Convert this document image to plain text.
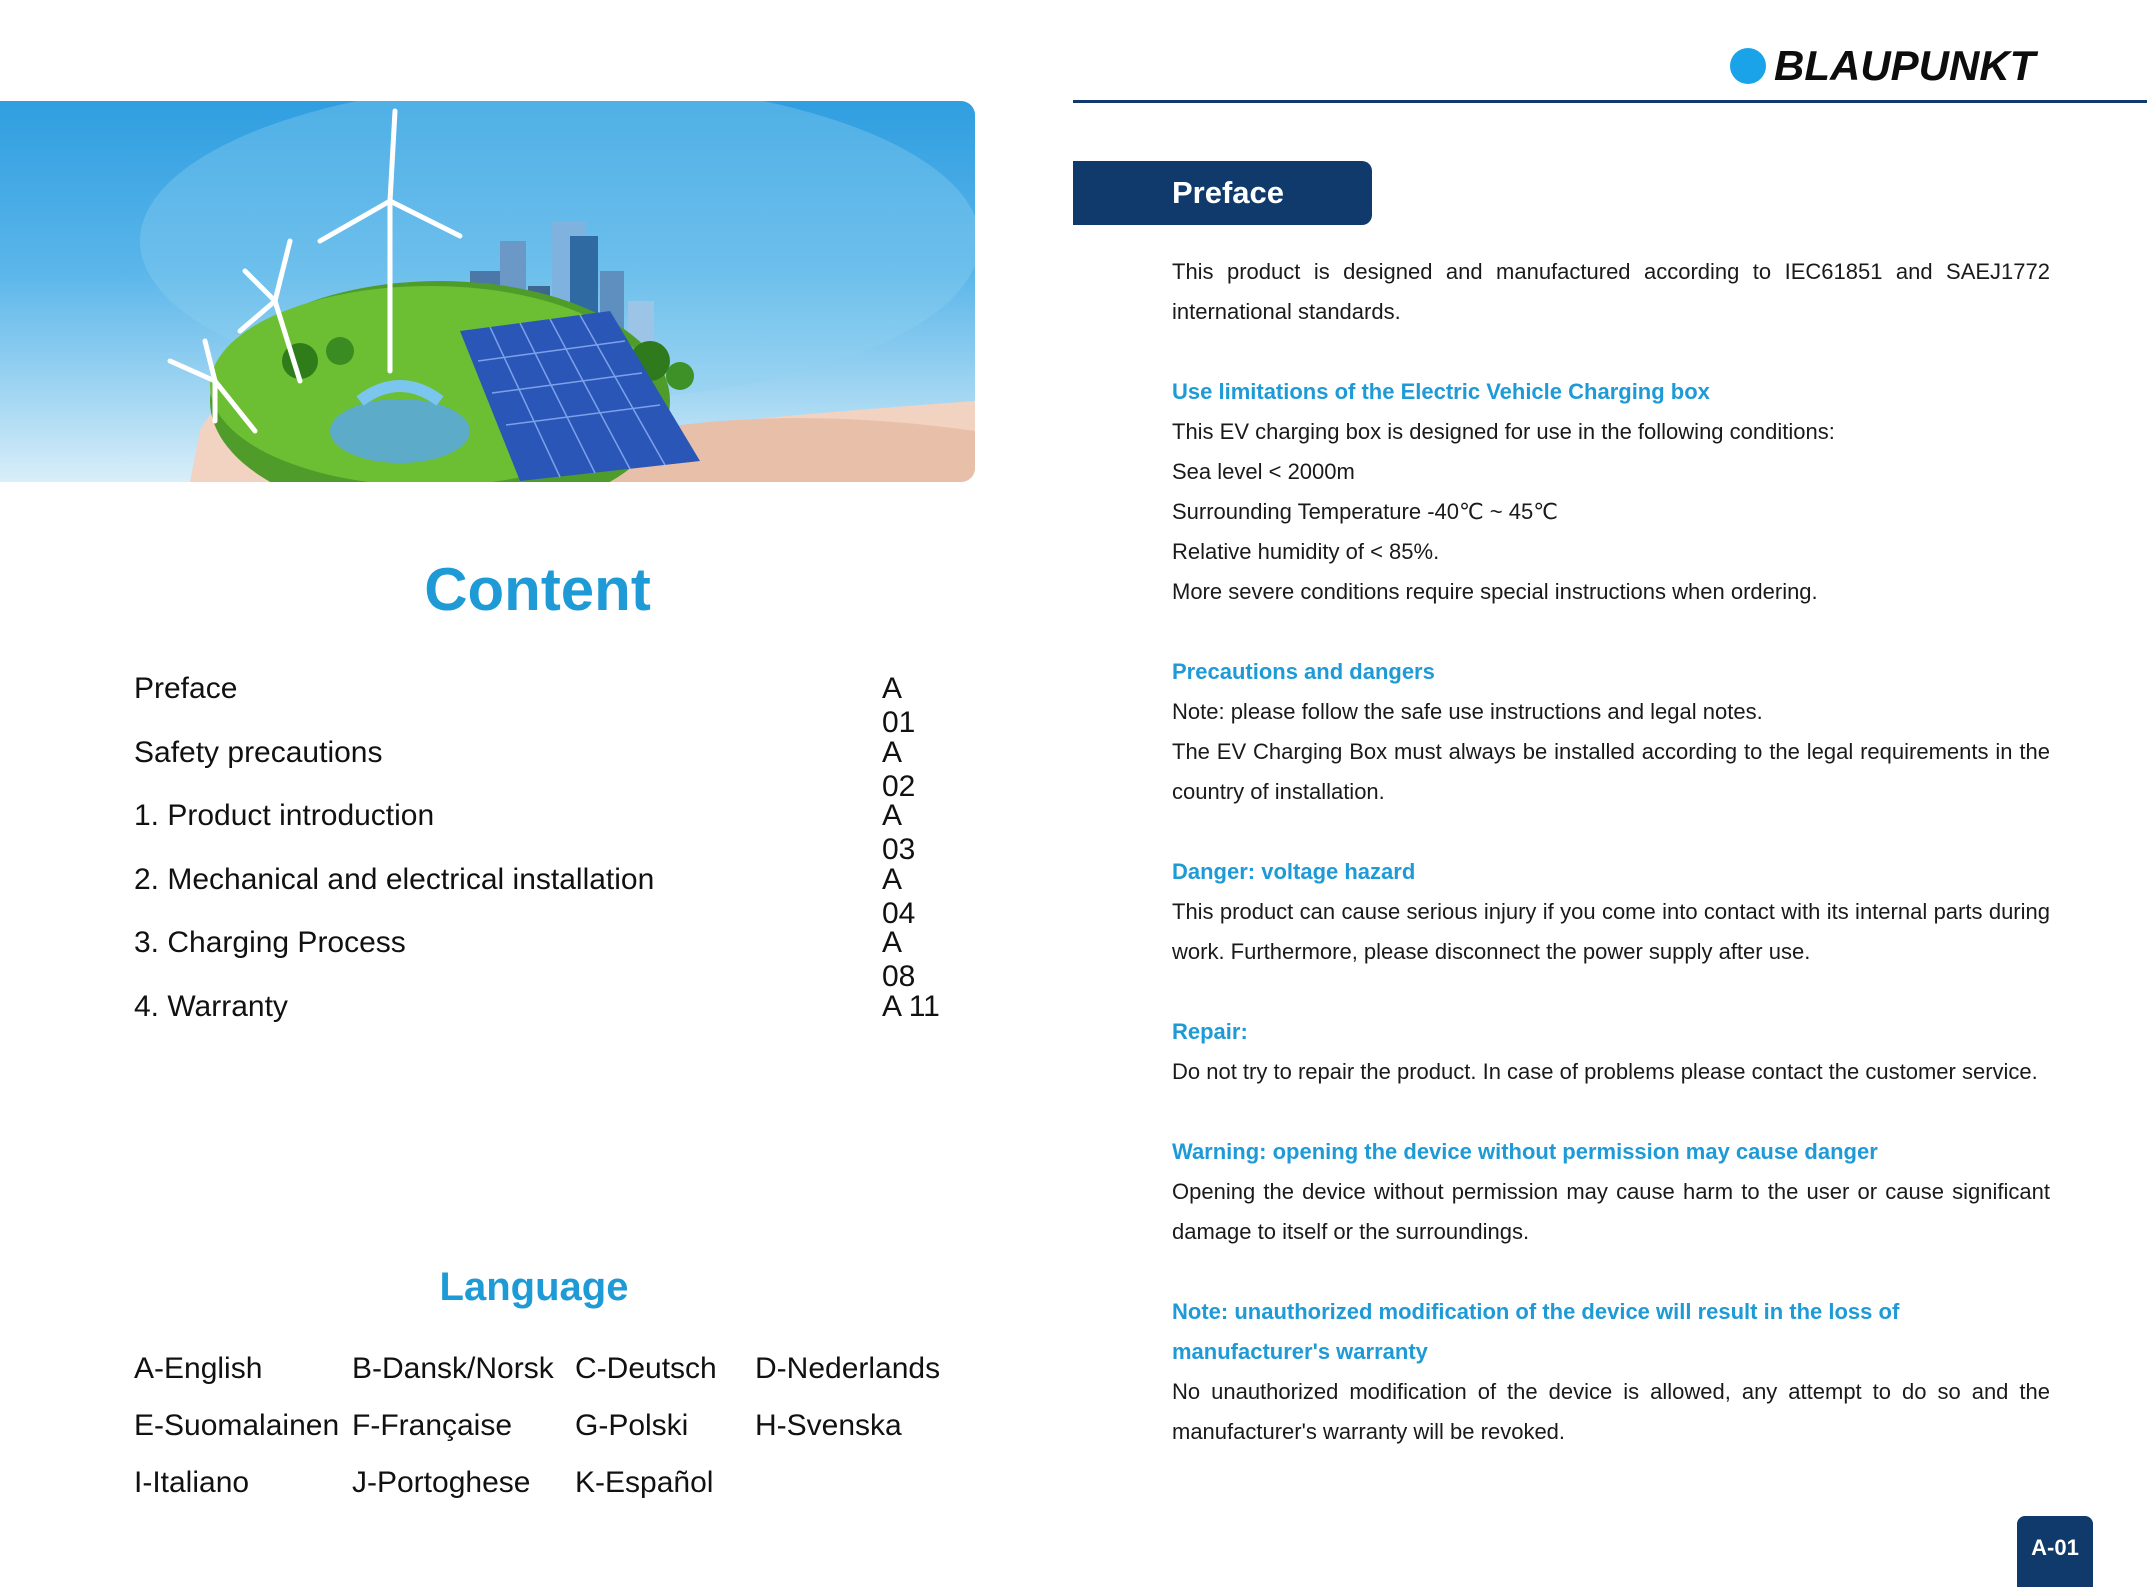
Content
Preface	A 01
Safety precautions	A 02
1. Product introduction	A 03
2. Mechanical and electrical installation	A 04
3. Charging Process	A 08
4. Warranty	A 11
Language
A-English	B-Dansk/Norsk C-Deutsch	D-Nederlands
E-Suomalainen F-Française	G-Polski	H-Svenska
I-Italiano	J-Portoghese	K-Español
BLAUPUNKT
Preface

This product is designed and manufactured according to IEC61851 and SAEJ1772 international standards.

Use limitations of the Electric Vehicle Charging box

This EV charging box is designed for use in the following conditions:

Sea level < 2000m

Surrounding Temperature -40℃ ~ 45℃

Relative humidity of < 85%.

More severe conditions require special instructions when ordering.

Precautions and dangers

Note: please follow the safe use instructions and legal notes.

The EV Charging Box must always be installed according to the legal requirements in the country of installation.

Danger: voltage hazard

This product can cause serious injury if you come into contact with its internal parts during work. Furthermore, please disconnect the power supply after use.

Repair:

Do not try to repair the product. In case of problems please contact the customer service.

Warning: opening the device without permission may cause danger

Opening the device without permission may cause harm to the user or cause significant damage to itself or the surroundings.

Note: unauthorized modification of the device will result in the loss of manufacturer's warranty

No unauthorized modification of the device is allowed, any attempt to do so and the manufacturer's warranty will be revoked.

A-01
